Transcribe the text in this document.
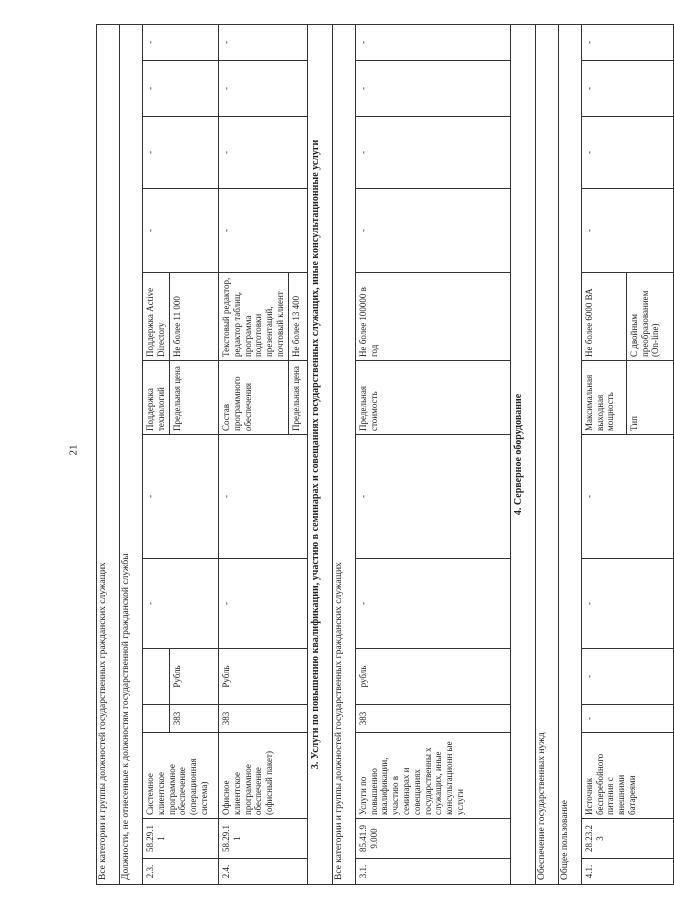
21
Все категории и группы должностей государственных гражданских служащих												
Должности, не отнесенные к должностям государственной гражданской службы												
2.3.	58.29.1 1	Системное клиентское программное обеспечение (операционная система)			-	-	Поддержка технологий	Поддержка Active Directory	-	-	-	-
			383	Рубль			Предельная цена	Не более 11 000				
2.4.	58.29.1 1	Офисное клиентское программное обеспечение (офисный пакет)	383	Рубль	-	-	Состав программного обеспечения	Текстовый редактор, редактор таблиц, программа подготовки презентаций, почтовый клиент	-	-	-	-
							Предельная цена	Не более 13 400				
3. Услуги по повышению квалификации, участию в семинарах и совещаниях государственных служащих, иные консультационные услуги												
Все категории и группы должностей государственных гражданских служащих												
3.1.	85.41.9 9.000	Услуги по повышению квалификации, участию в семинарах и совещаниях государственны х служащих, иные консультационн ые услуги	383	рубль	-	-	Предельная стоимость	Не более 100000 в год	-	-	-	-
4. Серверное оборудование												
Обеспечение государственных нужд												
Общее пользование												
4.1.	28.23.2 3	Источник бесперебойного питания с внешними батареями	-	-	-	-	Максимальная выходная мощность	Не более 6000 ВА	-	-	-	-
							Тип	С двойным преобразованием (On-line)				
